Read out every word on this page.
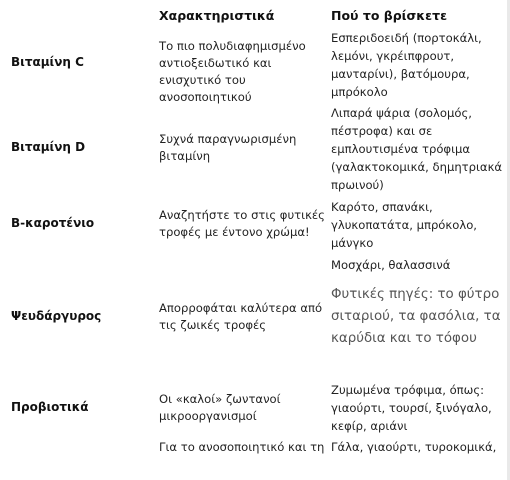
Χαρακτηριστικά	Πού το βρίσκετε
Βιταμίνη C
Το πιο πολυδιαφημισμένο αντιοξειδωτικό και ενισχυτικό του ανοσοποιητικού
Εσπεριδοειδή (πορτοκάλι, λεμόνι, γκρέιπφρουτ, μανταρίνι), βατόμουρα, μπρόκολο
Βιταμίνη D
Συχνά παραγνωρισμένη βιταμίνη
Λιπαρά ψάρια (σολομός, πέστροφα) και σε εμπλουτισμένα τρόφιμα (γαλακτοκομικά, δημητριακά πρωινού)
Β-καροτένιο
Αναζητήστε το στις φυτικές τροφές με έντονο χρώμα!
Καρότο, σπανάκι, γλυκοπατάτα, μπρόκολο, μάνγκο
Ψευδάργυρος
Απορροφάται καλύτερα από τις ζωικές τροφές
Μοσχάρι, θαλασσινά
Φυτικές πηγές: το φύτρο σιταριού, τα φασόλια, τα καρύδια και το τόφου
Προβιοτικά
Οι «καλοί» ζωντανοί μικροοργανισμοί
Ζυμωμένα τρόφιμα, όπως: γιαούρτι, τουρσί, ξινόγαλο, κεφίρ, αριάνι
Για το ανοσοποιητικό και τη Γάλα, γιαούρτι, τυροκομικά,
